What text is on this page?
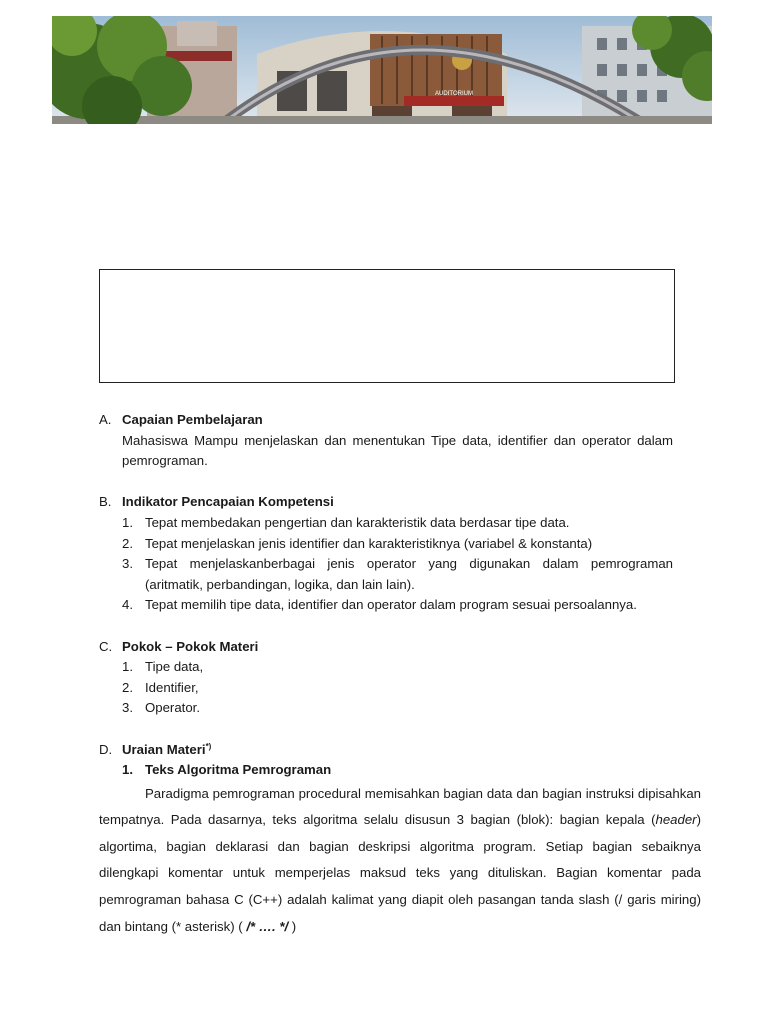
AUDITORIUM
A. Capaian Pembelajaran
Mahasiswa Mampu menjelaskan dan menentukan Tipe data, identifier dan operator dalam pemrograman.
B. Indikator Pencapaian Kompetensi
1. Tepat membedakan pengertian dan karakteristik data berdasar tipe data.
2. Tepat menjelaskan jenis identifier dan karakteristiknya (variabel & konstanta)
3. Tepat menjelaskanberbagai jenis operator yang digunakan dalam pemrograman (aritmatik, perbandingan, logika, dan lain lain).
4. Tepat memilih tipe data, identifier dan operator dalam program sesuai persoalannya.
C. Pokok – Pokok Materi
1. Tipe data,
2. Identifier,
3. Operator.
D. Uraian Materi*)
1. Teks Algoritma Pemrograman
Paradigma pemrograman procedural memisahkan bagian data dan bagian instruksi dipisahkan tempatnya. Pada dasarnya, teks algoritma selalu disusun 3 bagian (blok): bagian kepala (header) algortima, bagian deklarasi dan bagian deskripsi algoritma program. Setiap bagian sebaiknya dilengkapi komentar untuk memperjelas maksud teks yang dituliskan. Bagian komentar pada pemrograman bahasa C (C++) adalah kalimat yang diapit oleh pasangan tanda slash (/ garis miring) dan bintang (* asterisk) ( /* …. */ )
